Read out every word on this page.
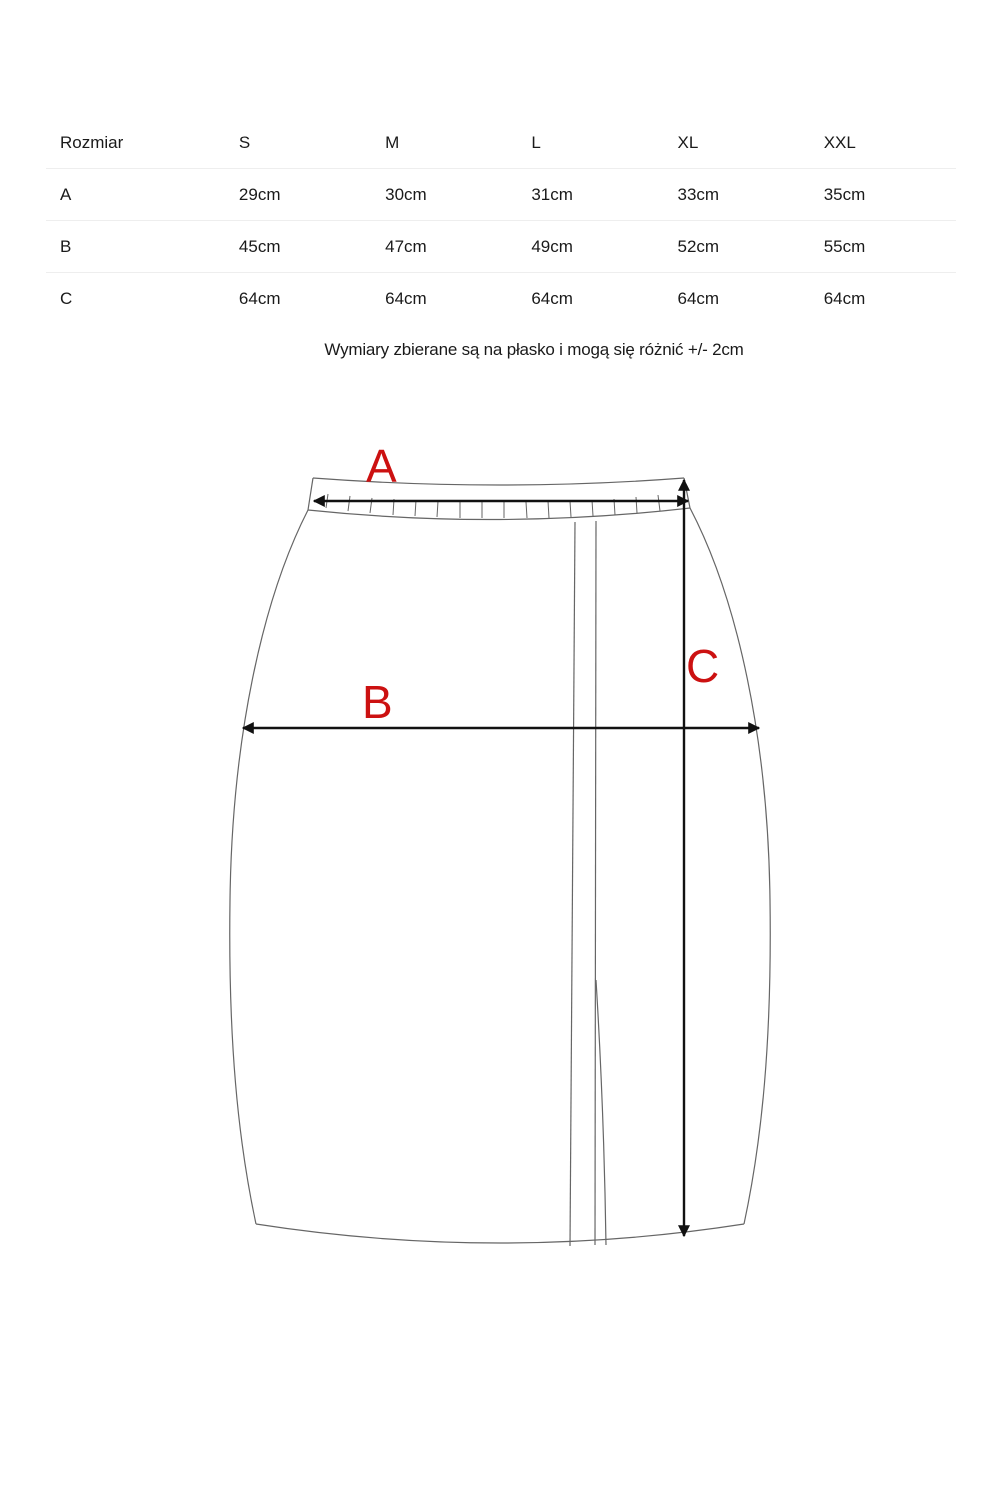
Rozmiar	S	M	L	XL	XXL
A	29cm	30cm	31cm	33cm	35cm
B	45cm	47cm	49cm	52cm	55cm
C	64cm	64cm	64cm	64cm	64cm
Wymiary zbierane są na płasko i mogą się różnić +/- 2cm
A
B
C
